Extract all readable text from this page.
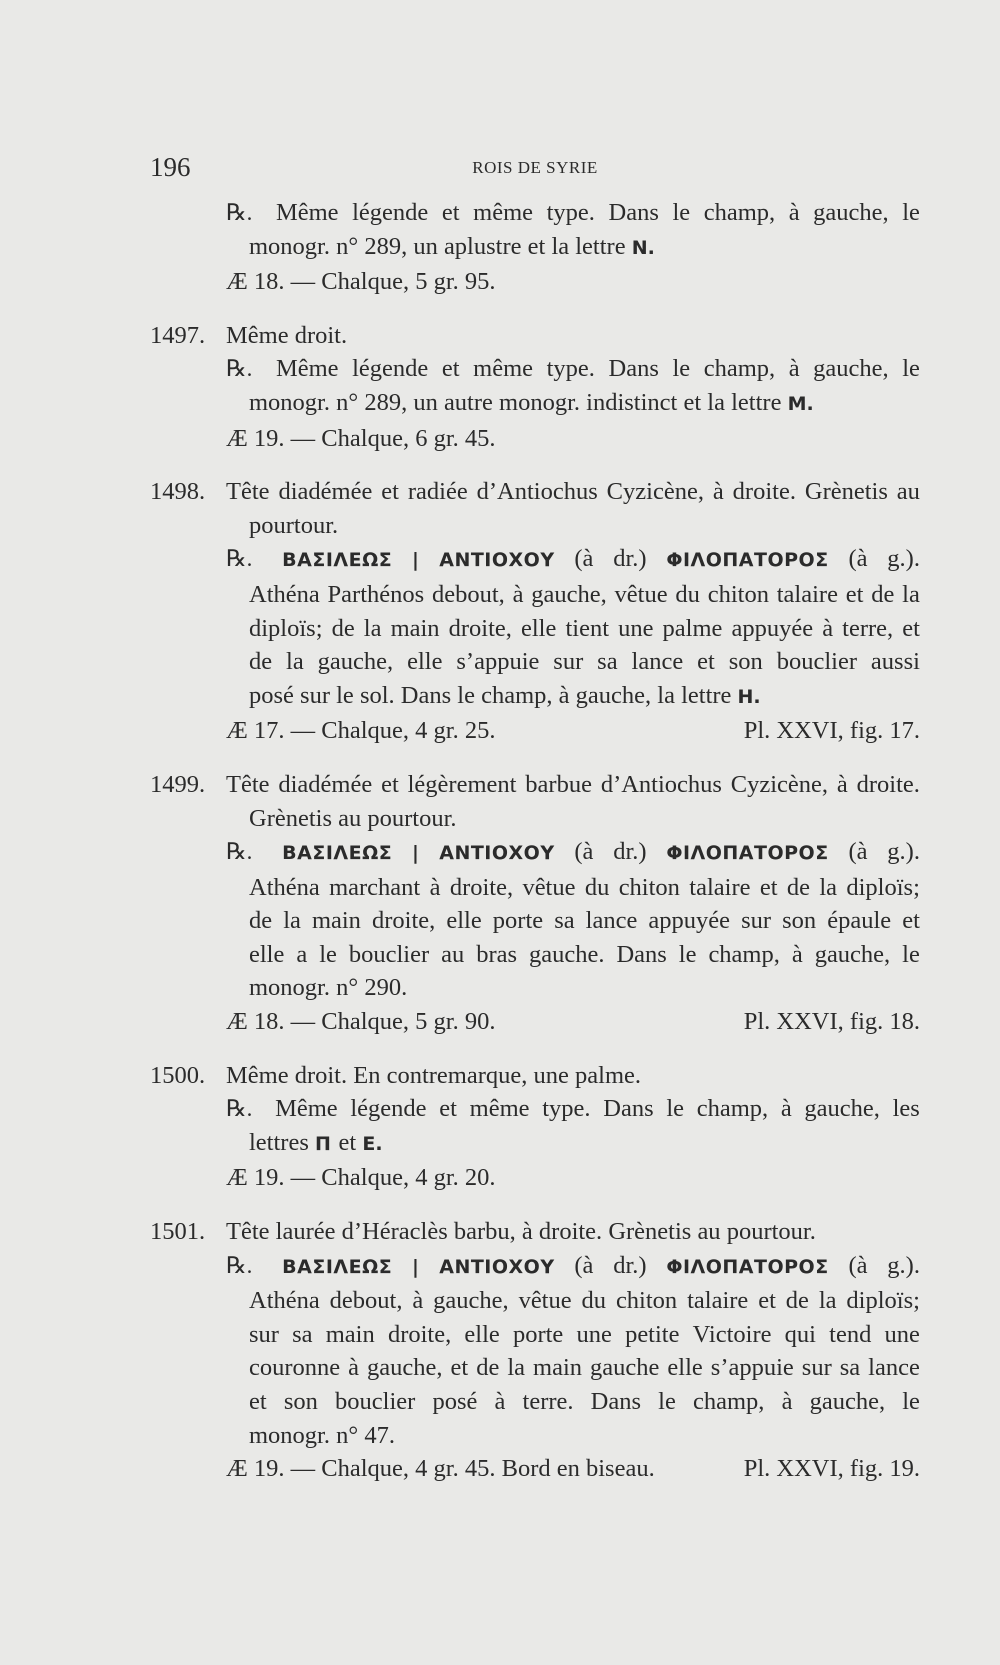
196	ROIS DE SYRIE
℞. Même légende et même type. Dans le champ, à gauche, le
monogr. n° 289, un aplustre et la lettre N.
Æ 18. — Chalque, 5 gr. 95.
1497. Même droit.
℞. Même légende et même type. Dans le champ, à gauche, le
monogr. n° 289, un autre monogr. indistinct et la lettre M.
Æ 19. — Chalque, 6 gr. 45.
1498. Tête diadémée et radiée d’Antiochus Cyzicène, à droite. Grènetis au
pourtour.
℞. ΒΑΣΙΛΕΩΣ | ΑΝΤΙΟΧΟΥ (à dr.) ΦΙΛΟΠΑΤΟΡΟΣ (à g.).
Athéna Parthénos debout, à gauche, vêtue du chiton talaire et de la
diploïs; de la main droite, elle tient une palme appuyée à terre, et
de la gauche, elle s’appuie sur sa lance et son bouclier aussi
posé sur le sol. Dans le champ, à gauche, la lettre H.
Æ 17. — Chalque, 4 gr. 25.	Pl. XXVI, fig. 17.
1499. Tête diadémée et légèrement barbue d’Antiochus Cyzicène, à droite.
Grènetis au pourtour.
℞. ΒΑΣΙΛΕΩΣ | ΑΝΤΙΟΧΟΥ (à dr.) ΦΙΛΟΠΑΤΟΡΟΣ (à g.).
Athéna marchant à droite, vêtue du chiton talaire et de la diploïs;
de la main droite, elle porte sa lance appuyée sur son épaule et
elle a le bouclier au bras gauche. Dans le champ, à gauche, le
monogr. n° 290.
Æ 18. — Chalque, 5 gr. 90.	Pl. XXVI, fig. 18.
1500. Même droit. En contremarque, une palme.
℞. Même légende et même type. Dans le champ, à gauche, les
lettres Π et E.
Æ 19. — Chalque, 4 gr. 20.
1501. Tête laurée d’Héraclès barbu, à droite. Grènetis au pourtour.
℞. ΒΑΣΙΛΕΩΣ | ΑΝΤΙΟΧΟΥ (à dr.) ΦΙΛΟΠΑΤΟΡΟΣ (à g.).
Athéna debout, à gauche, vêtue du chiton talaire et de la diploïs;
sur sa main droite, elle porte une petite Victoire qui tend une
couronne à gauche, et de la main gauche elle s’appuie sur sa lance
et son bouclier posé à terre. Dans le champ, à gauche, le
monogr. n° 47.
Æ 19. — Chalque, 4 gr. 45. Bord en biseau.	Pl. XXVI, fig. 19.
